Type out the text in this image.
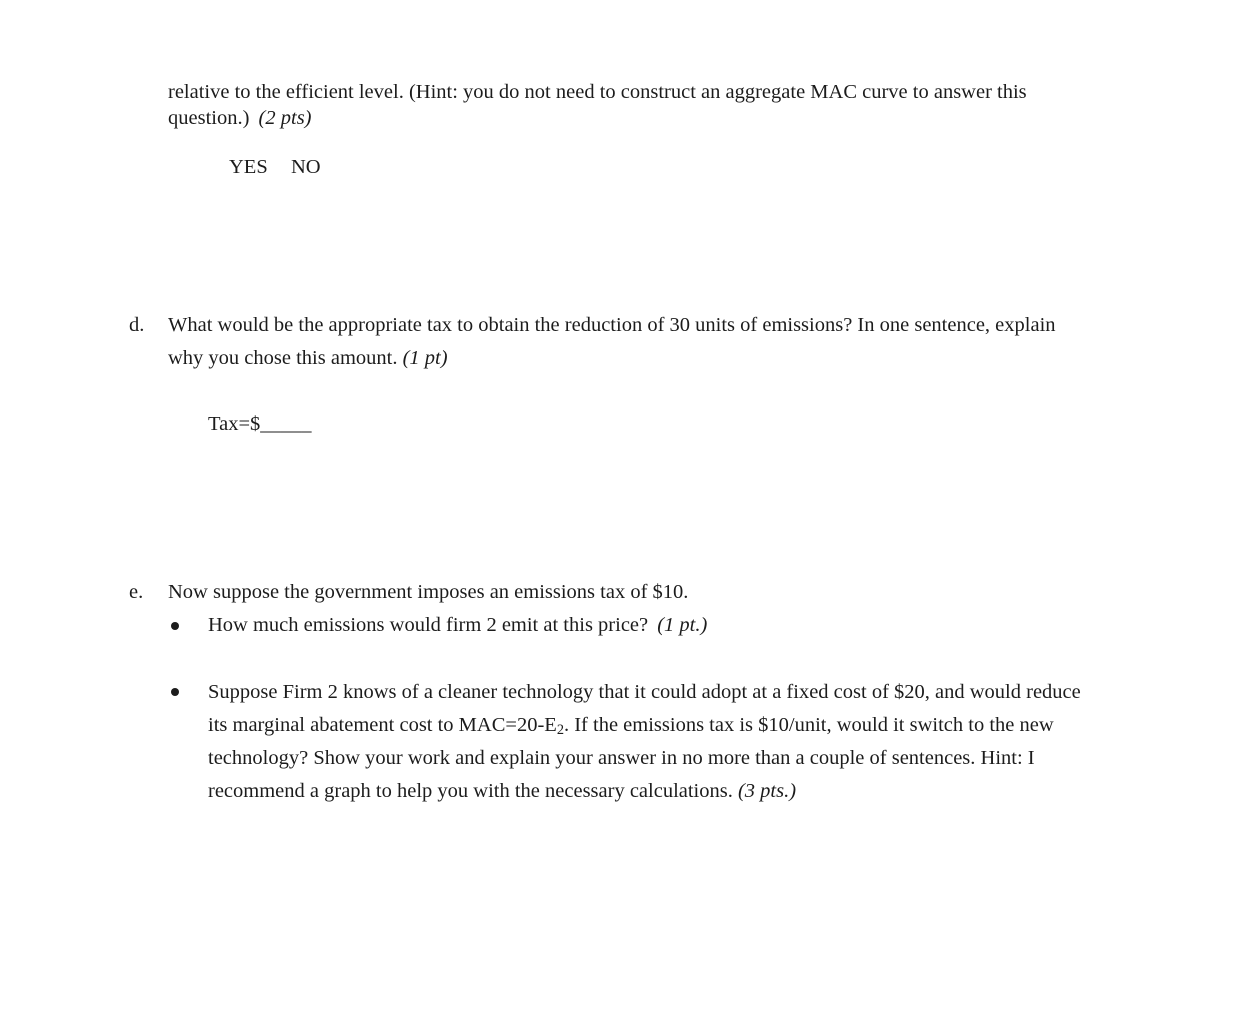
relative to the efficient level. (Hint: you do not need to construct an aggregate MAC curve to answer this
question.) (2 pts)
YES NO
d. What would be the appropriate tax to obtain the reduction of 30 units of emissions? In one sentence, explain
why you chose this amount. (1 pt)
Tax=$_____
e. Now suppose the government imposes an emissions tax of $10.
How much emissions would firm 2 emit at this price? (1 pt.)
Suppose Firm 2 knows of a cleaner technology that it could adopt at a fixed cost of $20, and would reduce
its marginal abatement cost to $MAC=20-E_2$. If the emissions tax is $10/unit, would it switch to the new
technology? Show your work and explain your answer in no more than a couple of sentences. Hint: I
recommend a graph to help you with the necessary calculations. (3 pts.)
